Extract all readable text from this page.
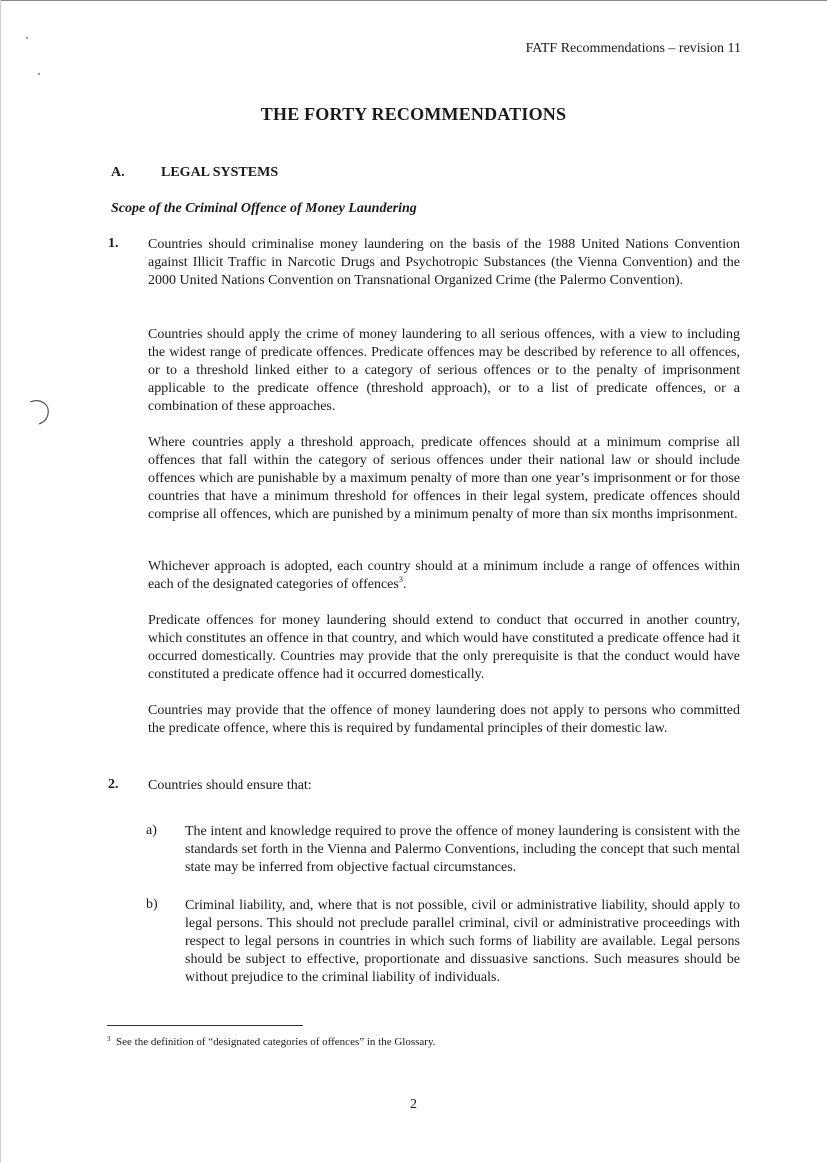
FATF Recommendations – revision 11
THE FORTY RECOMMENDATIONS
A.	LEGAL SYSTEMS
Scope of the Criminal Offence of Money Laundering
1. Countries should criminalise money laundering on the basis of the 1988 United Nations Convention against Illicit Traffic in Narcotic Drugs and Psychotropic Substances (the Vienna Convention) and the 2000 United Nations Convention on Transnational Organized Crime (the Palermo Convention).

Countries should apply the crime of money laundering to all serious offences, with a view to including the widest range of predicate offences. Predicate offences may be described by reference to all offences, or to a threshold linked either to a category of serious offences or to the penalty of imprisonment applicable to the predicate offence (threshold approach), or to a list of predicate offences, or a combination of these approaches.

Where countries apply a threshold approach, predicate offences should at a minimum comprise all offences that fall within the category of serious offences under their national law or should include offences which are punishable by a maximum penalty of more than one year’s imprisonment or for those countries that have a minimum threshold for offences in their legal system, predicate offences should comprise all offences, which are punished by a minimum penalty of more than six months imprisonment.

Whichever approach is adopted, each country should at a minimum include a range of offences within each of the designated categories of offences$^3$.

Predicate offences for money laundering should extend to conduct that occurred in another country, which constitutes an offence in that country, and which would have constituted a predicate offence had it occurred domestically. Countries may provide that the only prerequisite is that the conduct would have constituted a predicate offence had it occurred domestically.

Countries may provide that the offence of money laundering does not apply to persons who committed the predicate offence, where this is required by fundamental principles of their domestic law.

2. Countries should ensure that:

a) The intent and knowledge required to prove the offence of money laundering is consistent with the standards set forth in the Vienna and Palermo Conventions, including the concept that such mental state may be inferred from objective factual circumstances.

b) Criminal liability, and, where that is not possible, civil or administrative liability, should apply to legal persons. This should not preclude parallel criminal, civil or administrative proceedings with respect to legal persons in countries in which such forms of liability are available. Legal persons should be subject to effective, proportionate and dissuasive sanctions. Such measures should be without prejudice to the criminal liability of individuals.

$^3$ See the definition of “designated categories of offences” in the Glossary.
2
